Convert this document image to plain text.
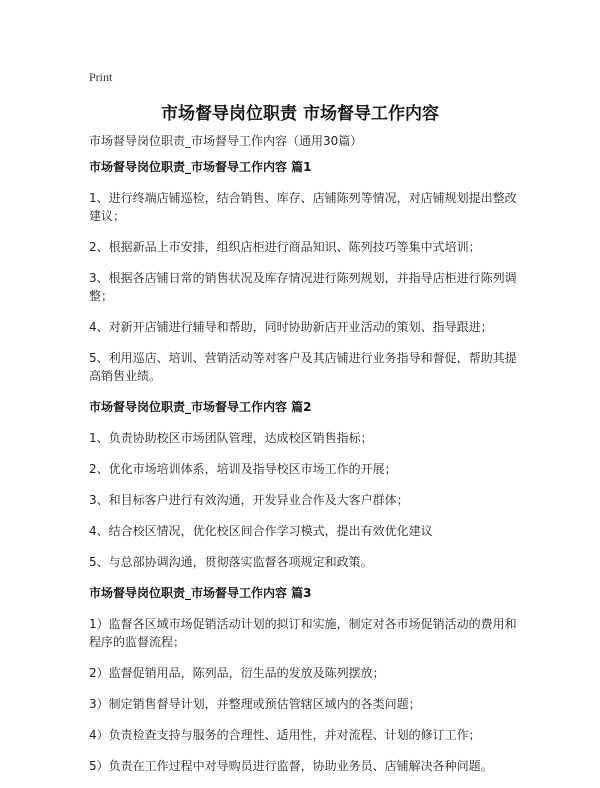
Print
市场督导岗位职责 市场督导工作内容
市场督导岗位职责_市场督导工作内容（通用30篇）
市场督导岗位职责_市场督导工作内容 篇1
1、进行终端店铺巡检，结合销售、库存、店铺陈列等情况，对店铺规划提出整改建议；
2、根据新品上市安排，组织店柜进行商品知识、陈列技巧等集中式培训；
3、根据各店铺日常的销售状况及库存情况进行陈列规划，并指导店柜进行陈列调整；
4、对新开店铺进行辅导和帮助，同时协助新店开业活动的策划、指导跟进；
5、利用巡店、培训、营销活动等对客户及其店铺进行业务指导和督促，帮助其提高销售业绩。
市场督导岗位职责_市场督导工作内容 篇2
1、负责协助校区市场团队管理，达成校区销售指标；
2、优化市场培训体系，培训及指导校区市场工作的开展；
3、和目标客户进行有效沟通，开发异业合作及大客户群体；
4、结合校区情况，优化校区间合作学习模式，提出有效优化建议
5、与总部协调沟通，贯彻落实监督各项规定和政策。
市场督导岗位职责_市场督导工作内容 篇3
1）监督各区域市场促销活动计划的拟订和实施，制定对各市场促销活动的费用和程序的监督流程；
2）监督促销用品，陈列品，衍生品的发放及陈列摆放；
3）制定销售督导计划，并整理或预估管辖区域内的各类问题；
4）负责检查支持与服务的合理性、适用性，并对流程、计划的修订工作；
5）负责在工作过程中对导购员进行监督，协助业务员、店铺解决各种问题。
